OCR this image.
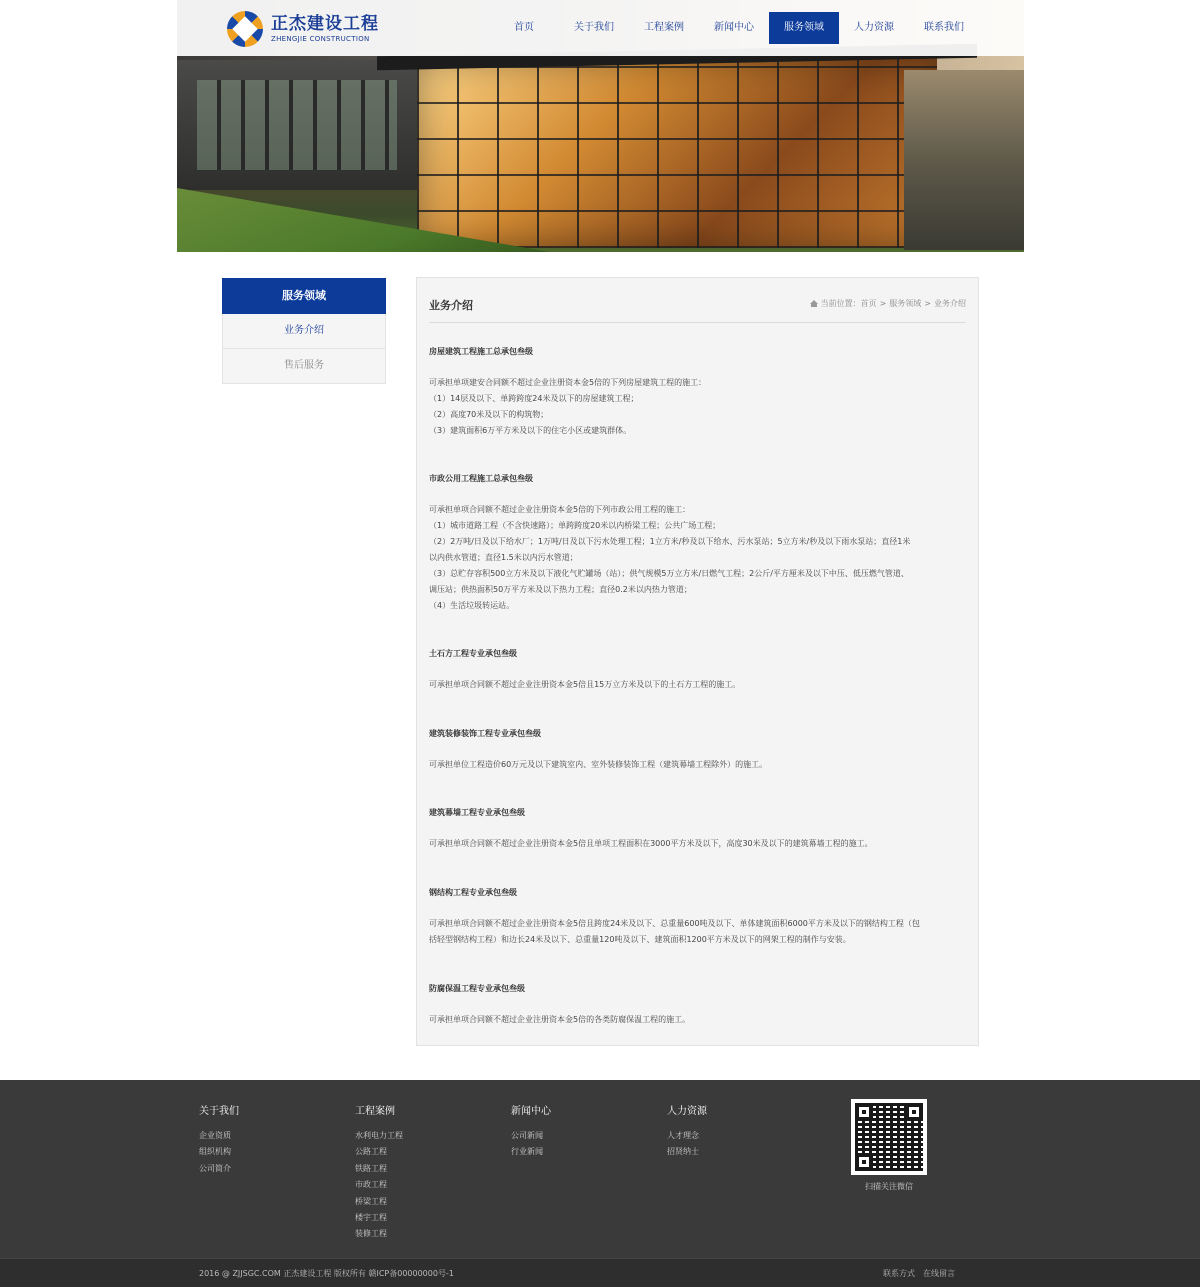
正杰建设工程
ZHENGJIE CONSTRUCTION
首页	关于我们	工程案例	新闻中心	服务领域	人力资源	联系我们
服务领域
业务介绍
售后服务
业务介绍	当前位置： 首页 > 服务领域 > 业务介绍
房屋建筑工程施工总承包叁级
可承担单项建安合同额不超过企业注册资本金5倍的下列房屋建筑工程的施工：
（1）14层及以下、单跨跨度24米及以下的房屋建筑工程；
（2）高度70米及以下的构筑物；
（3）建筑面积6万平方米及以下的住宅小区或建筑群体。
市政公用工程施工总承包叁级
可承担单项合同额不超过企业注册资本金5倍的下列市政公用工程的施工：
（1）城市道路工程（不含快速路）；单跨跨度20米以内桥梁工程；公共广场工程；
（2）2万吨/日及以下给水厂；1万吨/日及以下污水处理工程；1立方米/秒及以下给水、污水泵站；5立方米/秒及以下雨水泵站；直径1米
以内供水管道；直径1.5米以内污水管道；
（3）总贮存容积500立方米及以下液化气贮罐场（站）；供气规模5万立方米/日燃气工程；2公斤/平方厘米及以下中压、低压燃气管道、
调压站；供热面积50万平方米及以下热力工程；直径0.2米以内热力管道；
（4）生活垃圾转运站。
土石方工程专业承包叁级
可承担单项合同额不超过企业注册资本金5倍且15万立方米及以下的土石方工程的施工。
建筑装修装饰工程专业承包叁级
可承担单位工程造价60万元及以下建筑室内、室外装修装饰工程（建筑幕墙工程除外）的施工。
建筑幕墙工程专业承包叁级
可承担单项合同额不超过企业注册资本金5倍且单项工程面积在3000平方米及以下，高度30米及以下的建筑幕墙工程的施工。
钢结构工程专业承包叁级
可承担单项合同额不超过企业注册资本金5倍且跨度24米及以下、总重量600吨及以下、单体建筑面积6000平方米及以下的钢结构工程（包
括轻型钢结构工程）和边长24米及以下、总重量120吨及以下、建筑面积1200平方米及以下的网架工程的制作与安装。
防腐保温工程专业承包叁级
可承担单项合同额不超过企业注册资本金5倍的各类防腐保温工程的施工。
关于我们
企业资质
组织机构
公司简介
工程案例
水利电力工程
公路工程
铁路工程
市政工程
桥梁工程
楼宇工程
装修工程
新闻中心
公司新闻
行业新闻
人力资源
人才理念
招贤纳士
扫描关注微信
2016 @ ZJJSGC.COM 正杰建设工程 版权所有 赣ICP备00000000号-1	联系方式 在线留言
